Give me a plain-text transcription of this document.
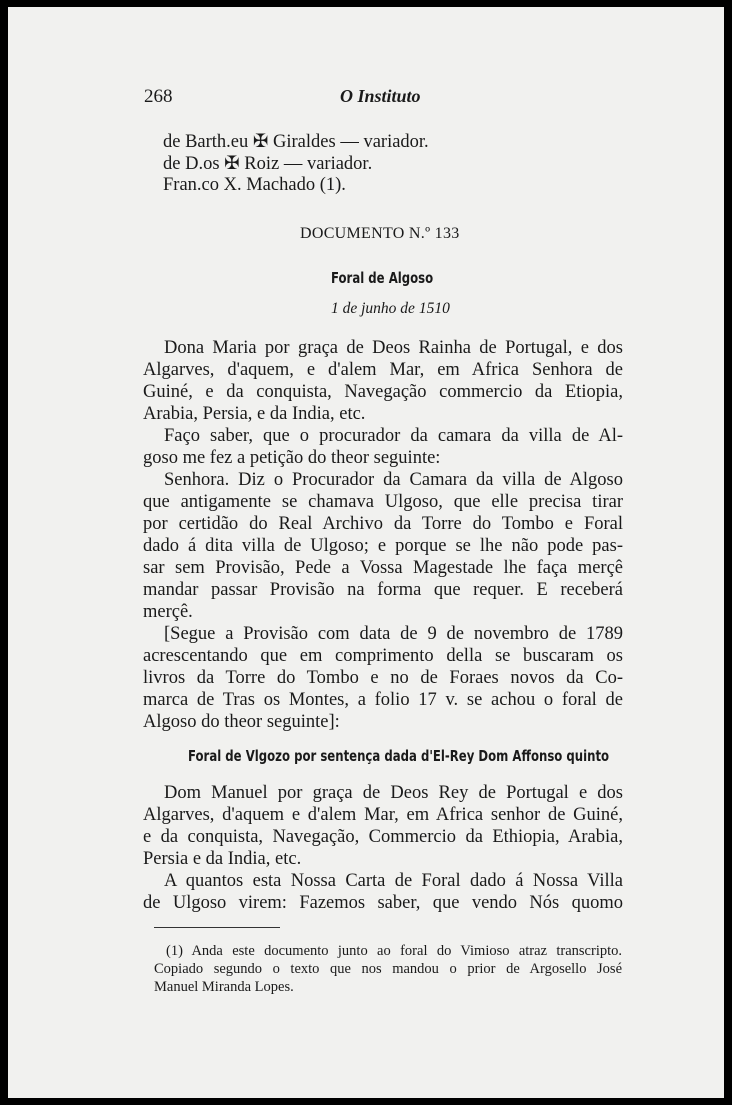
268	O Instituto
de Barth.eu ✠ Giraldes — variador.
de D.os ✠ Roiz — variador.
Fran.co X. Machado (1).
DOCUMENTO N.º 133
Foral de Algoso
1 de junho de 1510
Dona Maria por graça de Deos Rainha de Portugal, e dos
Algarves, d'aquem, e d'alem Mar, em Africa Senhora de
Guiné, e da conquista, Navegação commercio da Etiopia,
Arabia, Persia, e da India, etc.
Faço saber, que o procurador da camara da villa de Al-
goso me fez a petição do theor seguinte:
Senhora. Diz o Procurador da Camara da villa de Algoso
que antigamente se chamava Ulgoso, que elle precisa tirar
por certidão do Real Archivo da Torre do Tombo e Foral
dado á dita villa de Ulgoso; e porque se lhe não pode pas-
sar sem Provisão, Pede a Vossa Magestade lhe faça merçê
mandar passar Provisão na forma que requer. E receberá
merçê.
[Segue a Provisão com data de 9 de novembro de 1789
acrescentando que em comprimento della se buscaram os
livros da Torre do Tombo e no de Foraes novos da Co-
marca de Tras os Montes, a folio 17 v. se achou o foral de
Algoso do theor seguinte]:
Foral de Vlgozo por sentença dada d'El-Rey Dom Affonso quinto
Dom Manuel por graça de Deos Rey de Portugal e dos
Algarves, d'aquem e d'alem Mar, em Africa senhor de Guiné,
e da conquista, Navegação, Commercio da Ethiopia, Arabia,
Persia e da India, etc.
A quantos esta Nossa Carta de Foral dado á Nossa Villa
de Ulgoso virem: Fazemos saber, que vendo Nós quomo
(1) Anda este documento junto ao foral do Vimioso atraz transcripto.
Copiado segundo o texto que nos mandou o prior de Argosello José
Manuel Miranda Lopes.
